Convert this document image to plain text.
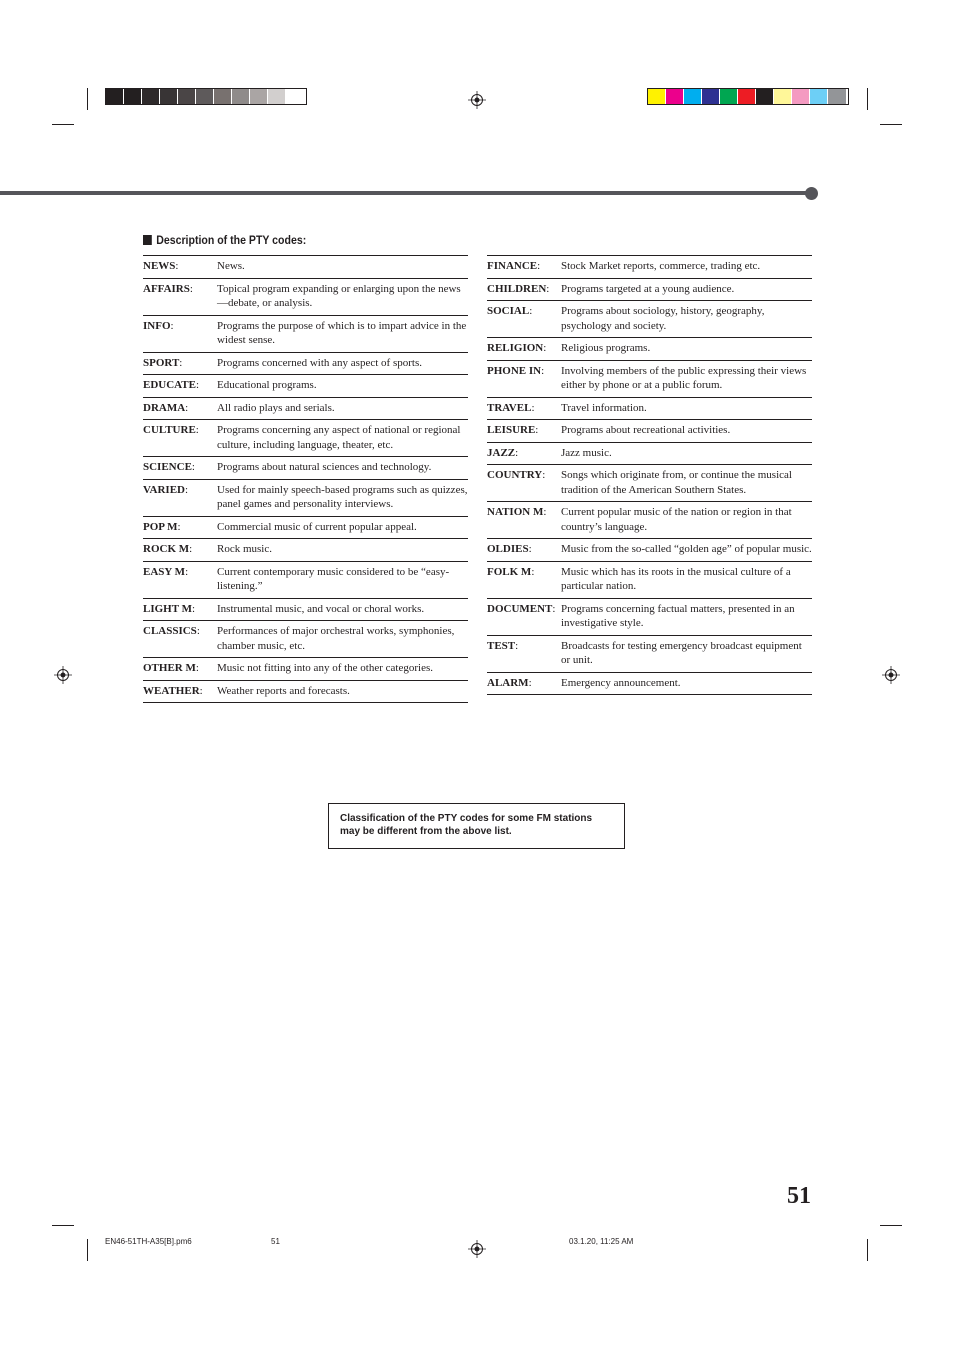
Description of the PTY codes:
NEWS:	News.
AFFAIRS:	Topical program expanding or enlarging upon the news—debate, or analysis.
INFO:	Programs the purpose of which is to impart advice in the widest sense.
SPORT:	Programs concerned with any aspect of sports.
EDUCATE:	Educational programs.
DRAMA:	All radio plays and serials.
CULTURE:	Programs concerning any aspect of national or regional culture, including language, theater, etc.
SCIENCE:	Programs about natural sciences and technology.
VARIED:	Used for mainly speech-based programs such as quizzes, panel games and personality interviews.
POP M:	Commercial music of current popular appeal.
ROCK M:	Rock music.
EASY M:	Current contemporary music considered to be “easy-listening.”
LIGHT M:	Instrumental music, and vocal or choral works.
CLASSICS:	Performances of major orchestral works, symphonies, chamber music, etc.
OTHER M:	Music not fitting into any of the other categories.
WEATHER:	Weather reports and forecasts.
FINANCE:	Stock Market reports, commerce, trading etc.
CHILDREN:	Programs targeted at a young audience.
SOCIAL:	Programs about sociology, history, geography, psychology and society.
RELIGION:	Religious programs.
PHONE IN:	Involving members of the public expressing their views either by phone or at a public forum.
TRAVEL:	Travel information.
LEISURE:	Programs about recreational activities.
JAZZ:	Jazz music.
COUNTRY:	Songs which originate from, or continue the musical tradition of the American Southern States.
NATION M:	Current popular music of the nation or region in that country’s language.
OLDIES:	Music from the so-called “golden age” of popular music.
FOLK M:	Music which has its roots in the musical culture of a particular nation.
DOCUMENT: Programs concerning factual matters, presented in an investigative style.
TEST:	Broadcasts for testing emergency broadcast equipment or unit.
ALARM:	Emergency announcement.
Classification of the PTY codes for some FM stations
may be different from the above list.
51
EN46-51TH-A35[B].pm6	51	03.1.20, 11:25 AM
